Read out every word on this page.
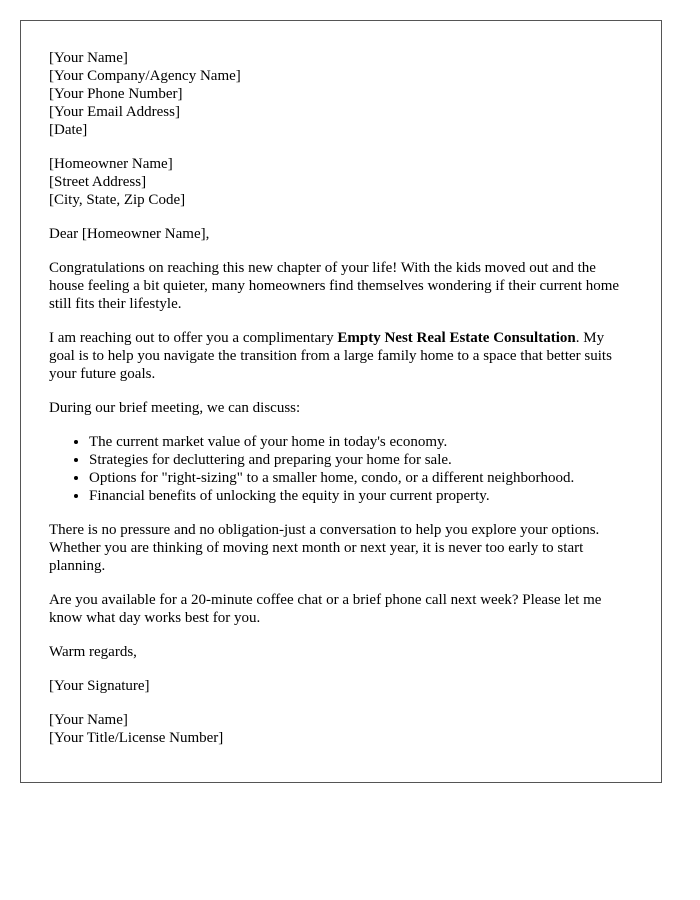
[Your Name]
[Your Company/Agency Name]
[Your Phone Number]
[Your Email Address]
[Date]

[Homeowner Name]
[Street Address]
[City, State, Zip Code]

Dear [Homeowner Name],

Congratulations on reaching this new chapter of your life! With the kids moved out and the house feeling a bit quieter, many homeowners find themselves wondering if their current home still fits their lifestyle.

I am reaching out to offer you a complimentary Empty Nest Real Estate Consultation. My goal is to help you navigate the transition from a large family home to a space that better suits your future goals.

During our brief meeting, we can discuss:

• The current market value of your home in today's economy.
• Strategies for decluttering and preparing your home for sale.
• Options for "right-sizing" to a smaller home, condo, or a different neighborhood.
• Financial benefits of unlocking the equity in your current property.

There is no pressure and no obligation-just a conversation to help you explore your options. Whether you are thinking of moving next month or next year, it is never too early to start planning.

Are you available for a 20-minute coffee chat or a brief phone call next week? Please let me know what day works best for you.

Warm regards,

[Your Signature]

[Your Name]
[Your Title/License Number]
